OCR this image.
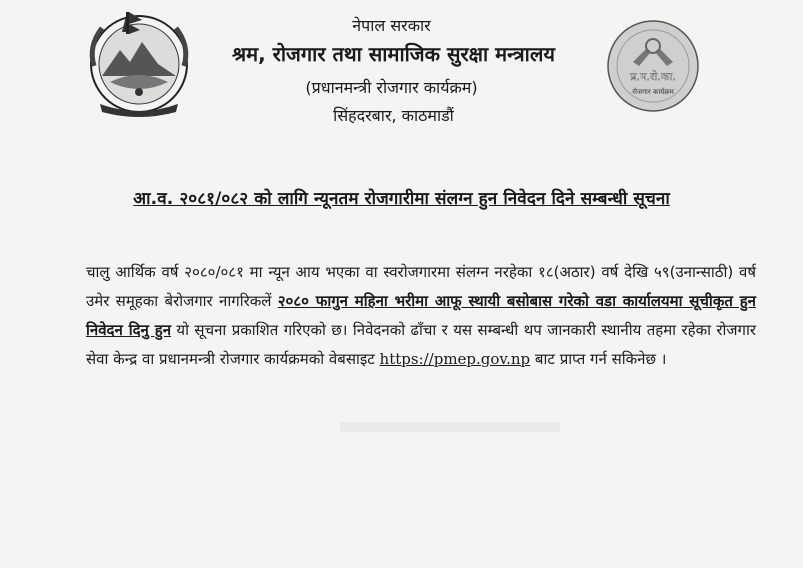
नेपाल सरकार
श्रम, रोजगार तथा सामाजिक सुरक्षा मन्त्रालय
(प्रधानमन्त्री रोजगार कार्यक्रम)
सिंहदरबार, काठमाडौं
प्र.म.रो.का.
रोजगार कार्यक्रम
आ.व. २०८१/०८२ को लागि न्यूनतम रोजगारीमा संलग्न हुन निवेदन दिने सम्बन्धी सूचना
चालु आर्थिक वर्ष २०८०/०८१ मा न्यून आय भएका वा स्वरोजगारमा संलग्न नरहेका १८(अठार) वर्ष देखि ५९(उनान्साठी) वर्ष उमेर समूहका बेरोजगार नागरिकलें २०८० फागुन महिना भरीमा आफू स्थायी बसोबास गरेको वडा कार्यालयमा सूचीकृत हुन निवेदन दिनु हुन यो सूचना प्रकाशित गरिएको छ। निवेदनको ढाँचा र यस सम्बन्धी थप जानकारी स्थानीय तहमा रहेका रोजगार सेवा केन्द्र वा प्रधानमन्त्री रोजगार कार्यक्रमको वेबसाइट https://pmep.gov.np बाट प्राप्त गर्न सकिनेछ ।
